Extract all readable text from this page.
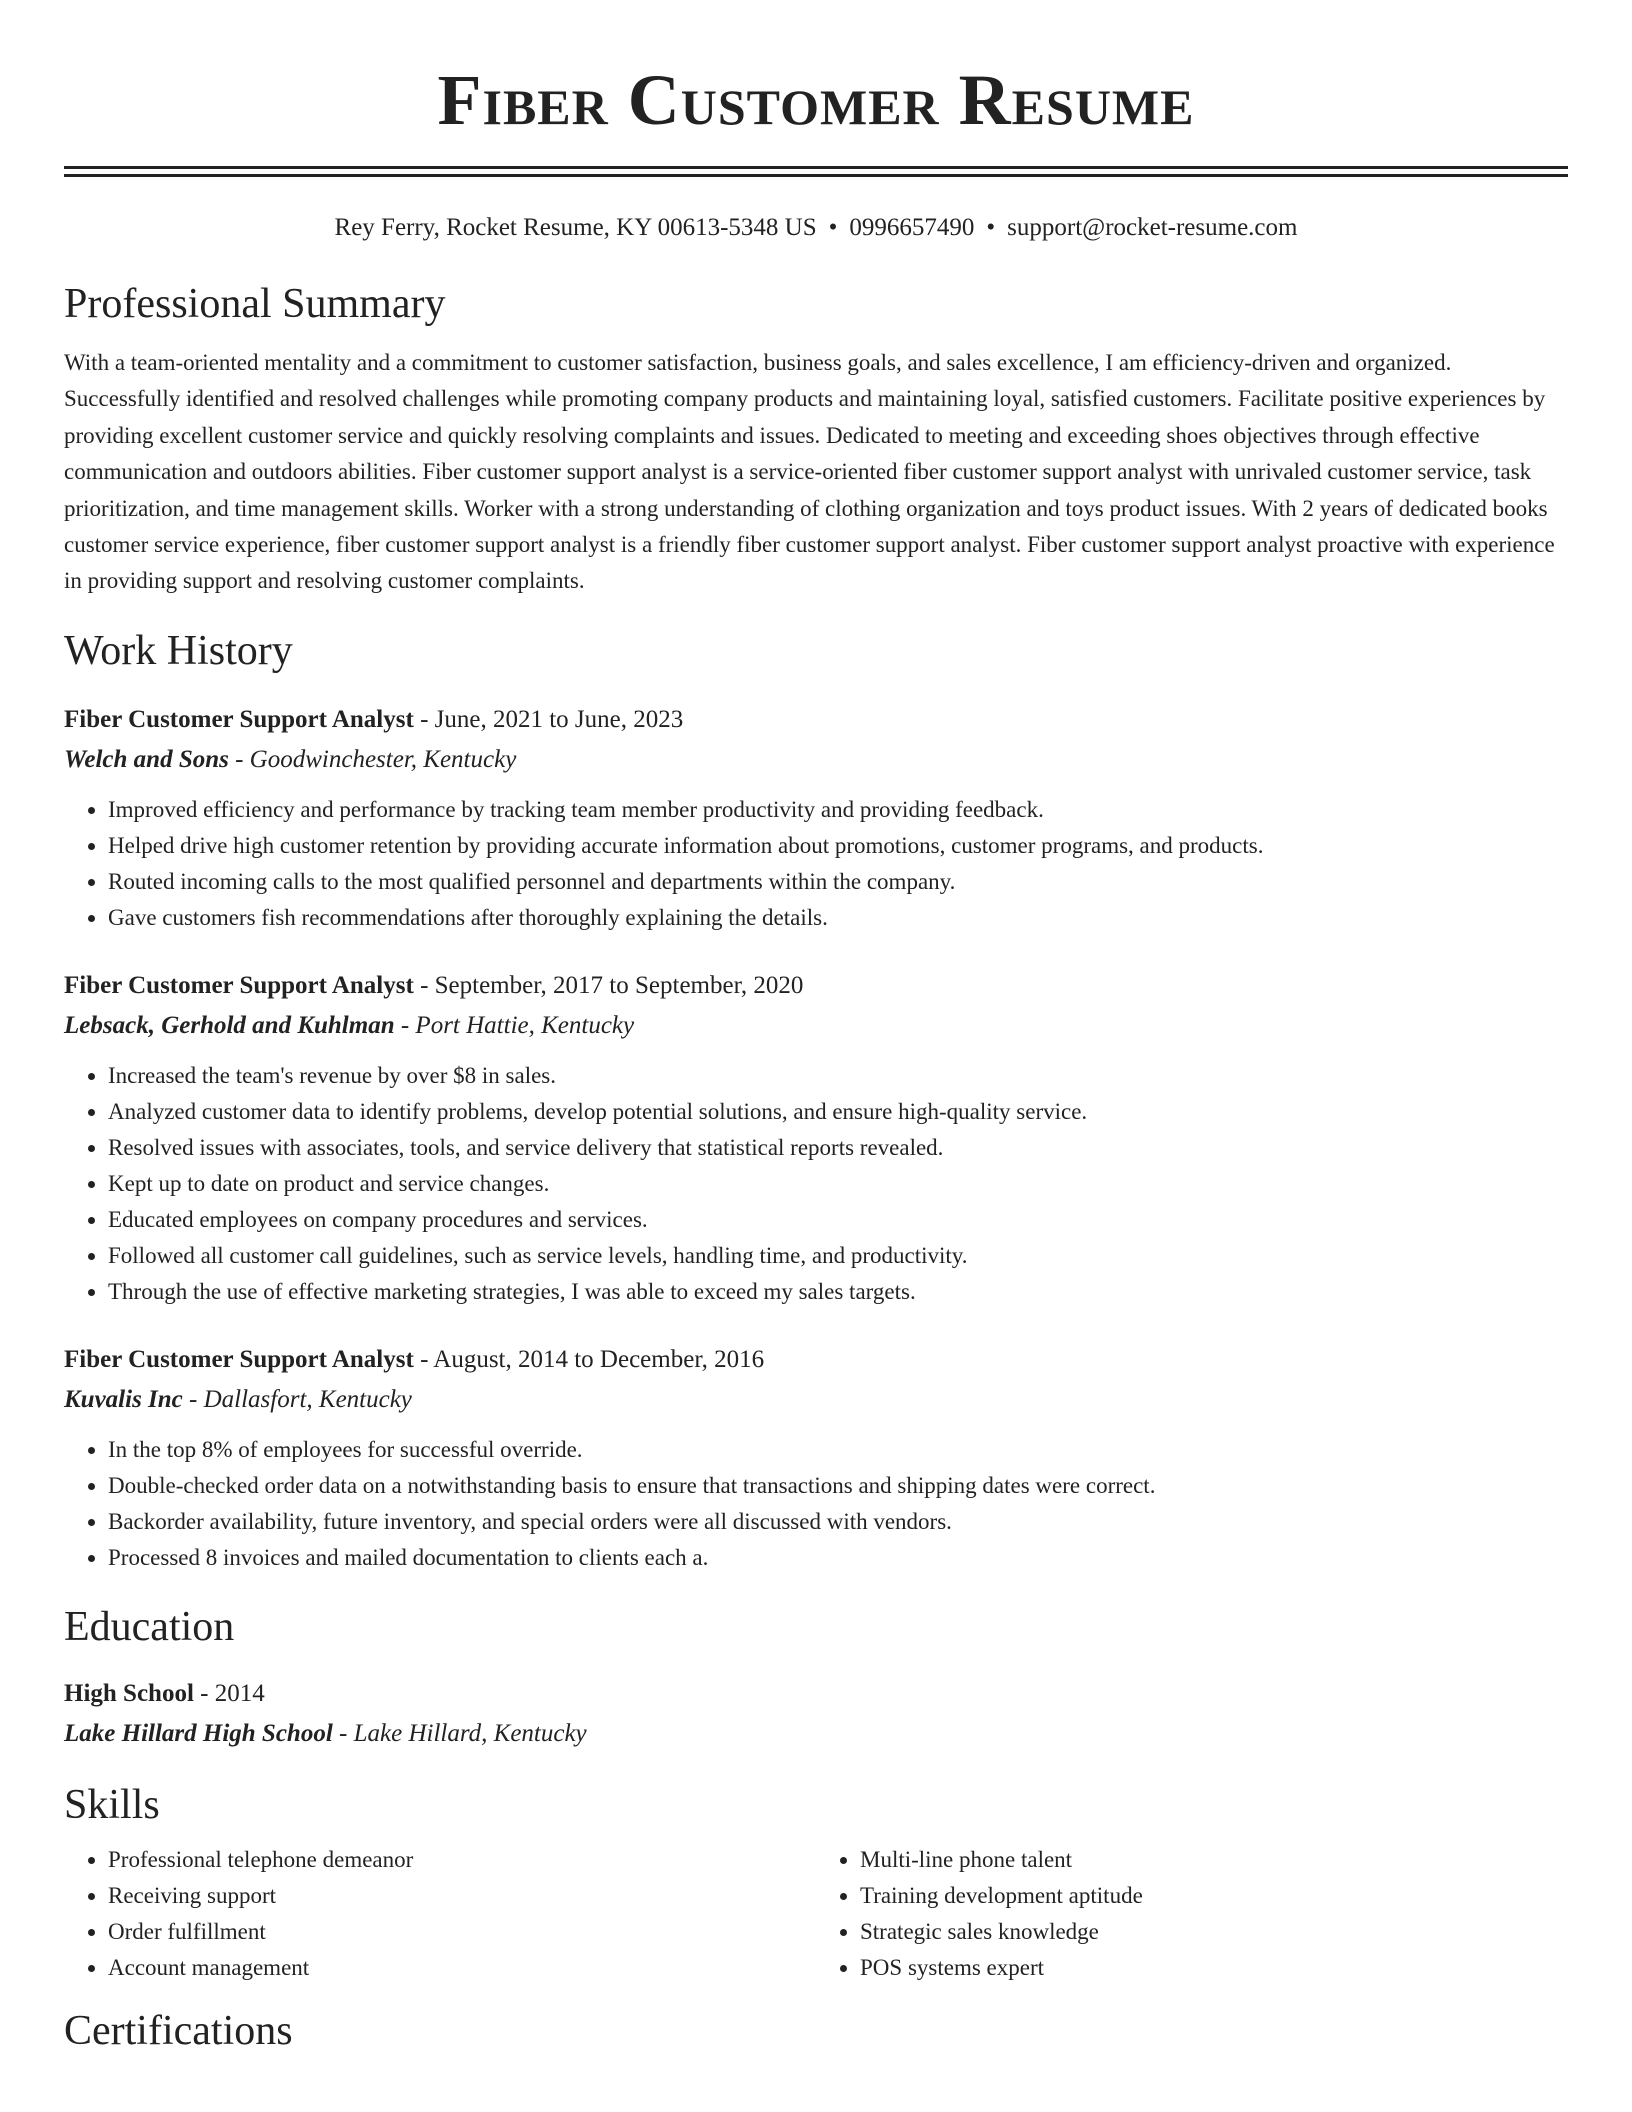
Fiber Customer Resume
Rey Ferry, Rocket Resume, KY 00613-5348 US • 0996657490 • support@rocket-resume.com
Professional Summary

With a team-oriented mentality and a commitment to customer satisfaction, business goals, and sales excellence, I am efficiency-driven and organized. Successfully identified and resolved challenges while promoting company products and maintaining loyal, satisfied customers. Facilitate positive experiences by providing excellent customer service and quickly resolving complaints and issues. Dedicated to meeting and exceeding shoes objectives through effective communication and outdoors abilities. Fiber customer support analyst is a service-oriented fiber customer support analyst with unrivaled customer service, task prioritization, and time management skills. Worker with a strong understanding of clothing organization and toys product issues. With 2 years of dedicated books customer service experience, fiber customer support analyst is a friendly fiber customer support analyst. Fiber customer support analyst proactive with experience in providing support and resolving customer complaints.

Work History
Fiber Customer Support Analyst - June, 2021 to June, 2023
Welch and Sons - Goodwinchester, Kentucky
• Improved efficiency and performance by tracking team member productivity and providing feedback.
• Helped drive high customer retention by providing accurate information about promotions, customer programs, and products.
• Routed incoming calls to the most qualified personnel and departments within the company.
• Gave customers fish recommendations after thoroughly explaining the details.
Fiber Customer Support Analyst - September, 2017 to September, 2020
Lebsack, Gerhold and Kuhlman - Port Hattie, Kentucky
• Increased the team's revenue by over $8 in sales.
• Analyzed customer data to identify problems, develop potential solutions, and ensure high-quality service.
• Resolved issues with associates, tools, and service delivery that statistical reports revealed.
• Kept up to date on product and service changes.
• Educated employees on company procedures and services.
• Followed all customer call guidelines, such as service levels, handling time, and productivity.
• Through the use of effective marketing strategies, I was able to exceed my sales targets.
Fiber Customer Support Analyst - August, 2014 to December, 2016
Kuvalis Inc - Dallasfort, Kentucky
• In the top 8% of employees for successful override.
• Double-checked order data on a notwithstanding basis to ensure that transactions and shipping dates were correct.
• Backorder availability, future inventory, and special orders were all discussed with vendors.
• Processed 8 invoices and mailed documentation to clients each a.
Education
High School - 2014
Lake Hillard High School - Lake Hillard, Kentucky
Skills
• Professional telephone demeanor
• Receiving support
• Order fulfillment
• Account management
• Multi-line phone talent
• Training development aptitude
• Strategic sales knowledge
• POS systems expert
Certifications
